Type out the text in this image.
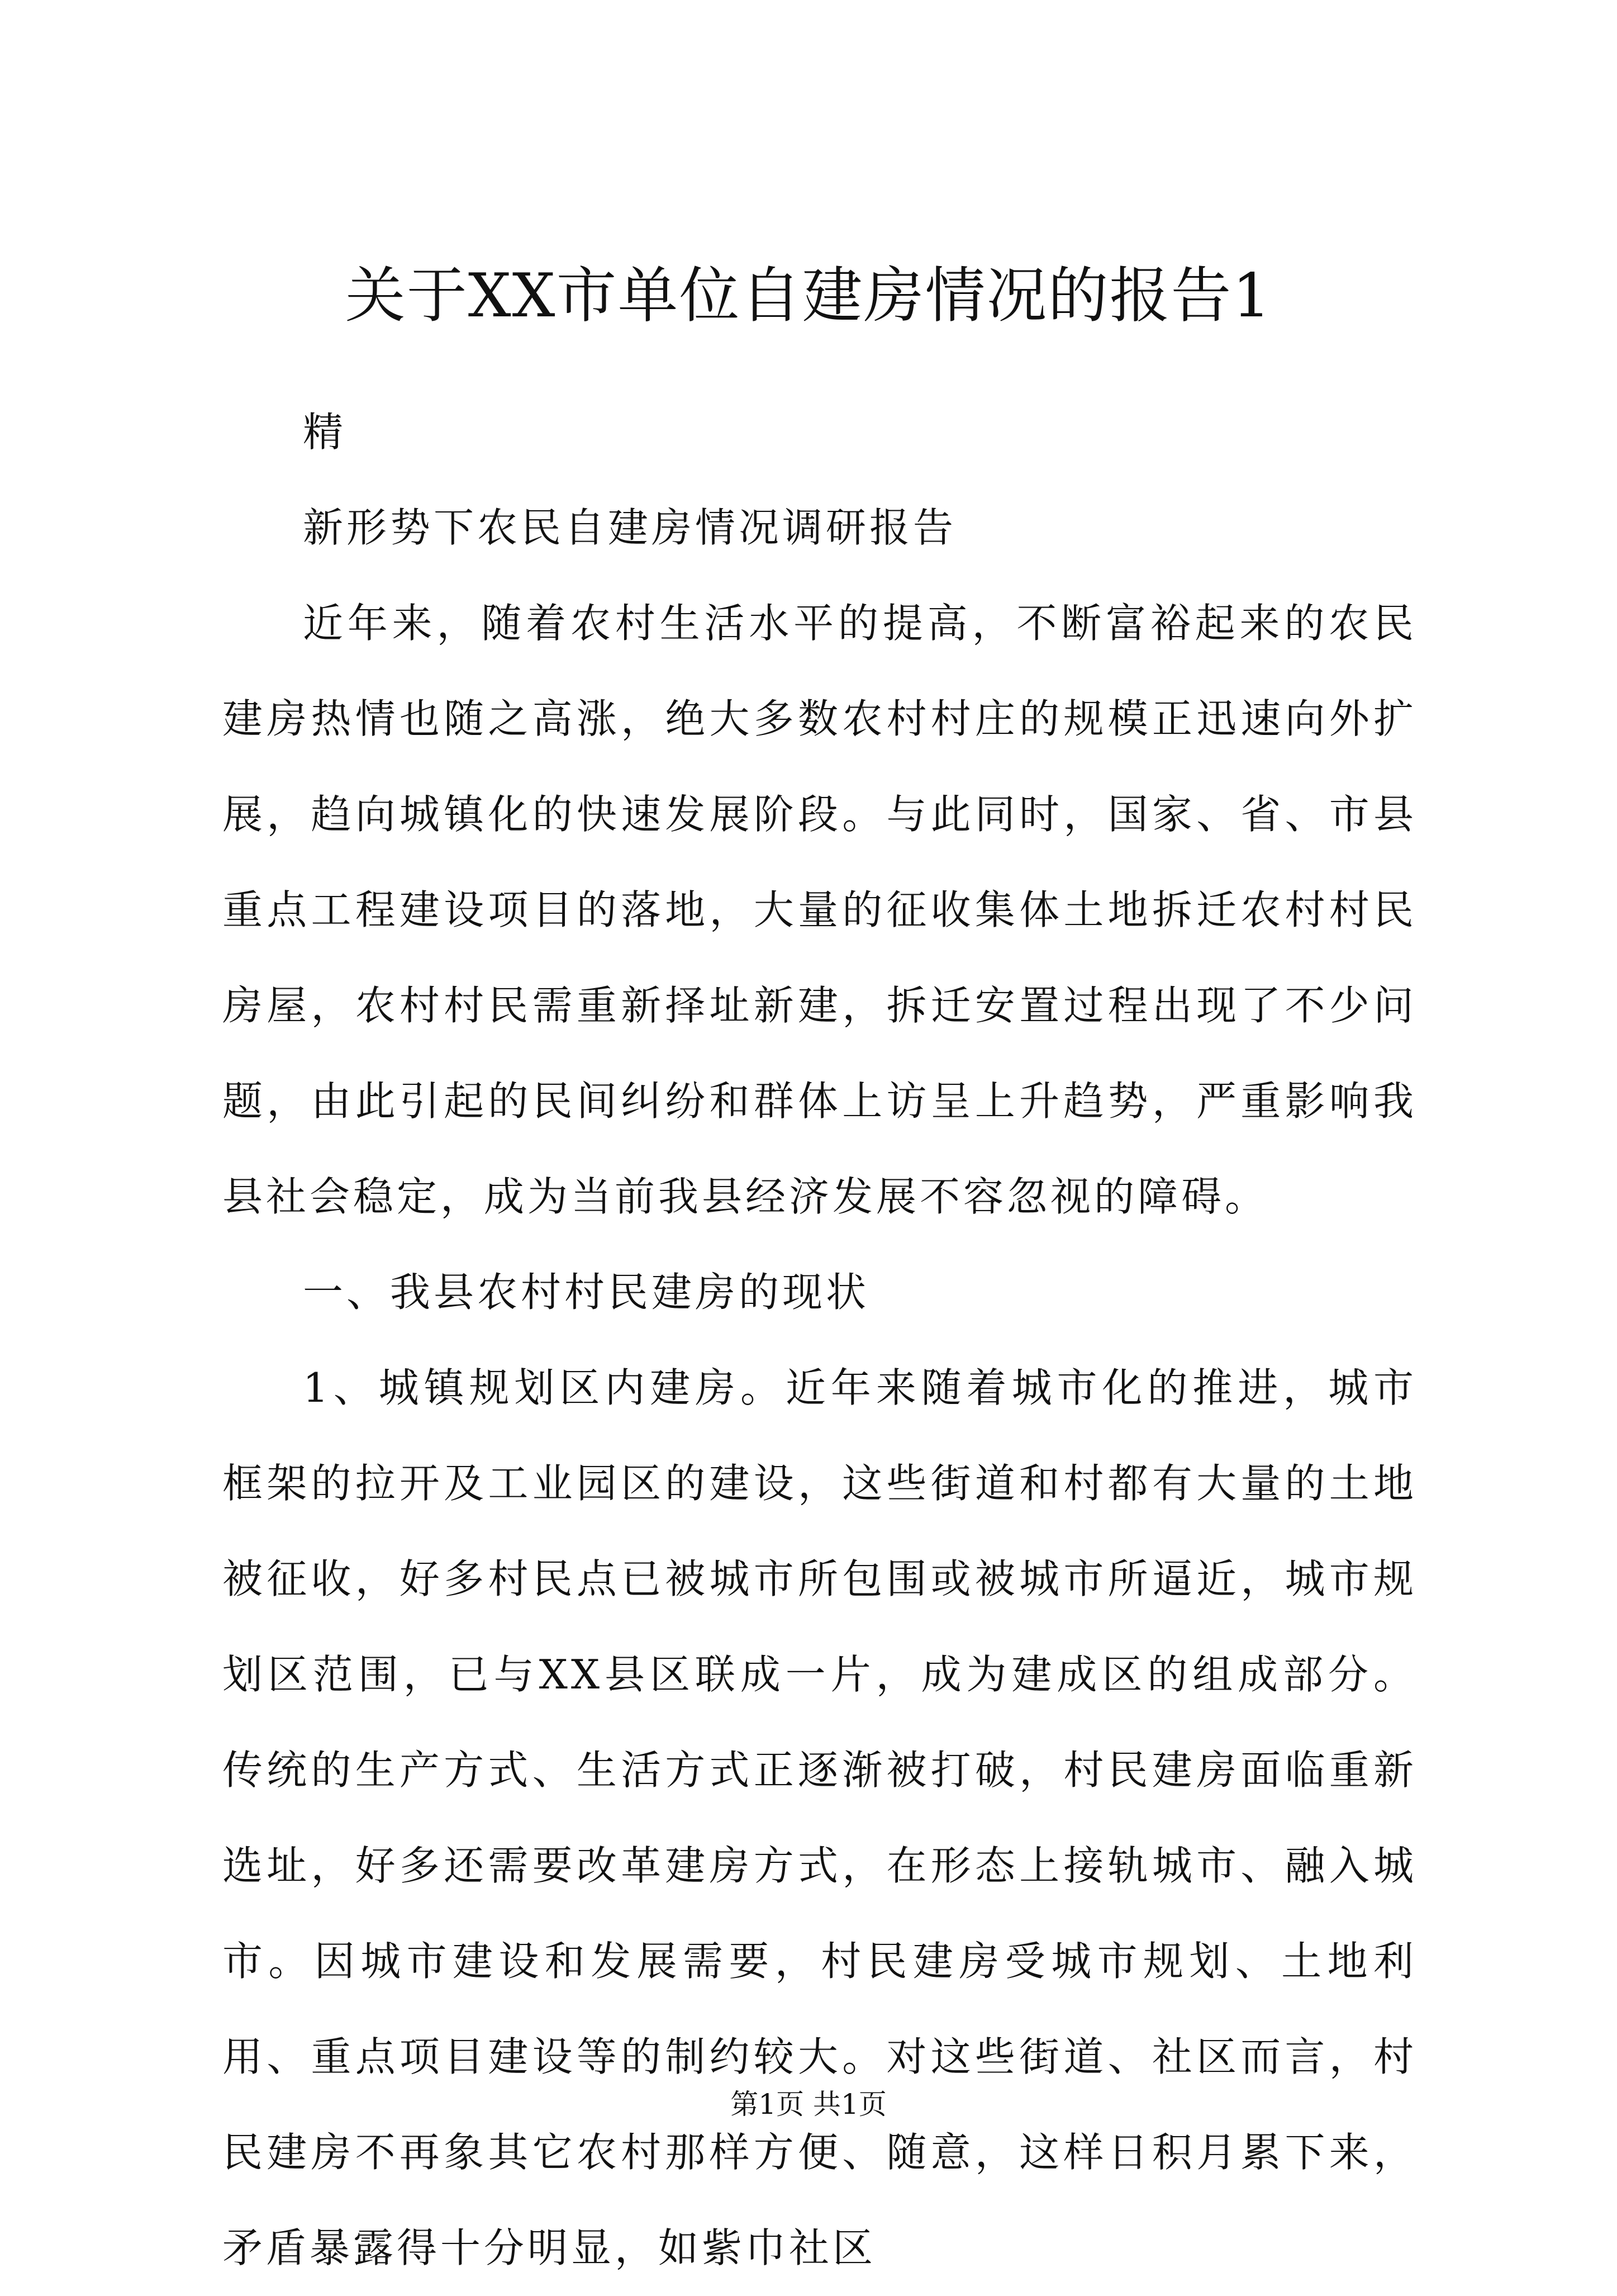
关于XX市单位自建房情况的报告1

精

新形势下农民自建房情况调研报告

近年来，随着农村生活水平的提高，不断富裕起来的农民建房热情也随之高涨，绝大多数农村村庄的规模正迅速向外扩展，趋向城镇化的快速发展阶段。与此同时，国家、省、市县重点工程建设项目的落地，大量的征收集体土地拆迁农村村民房屋，农村村民需重新择址新建，拆迁安置过程出现了不少问题，由此引起的民间纠纷和群体上访呈上升趋势，严重影响我县社会稳定，成为当前我县经济发展不容忽视的障碍。

一、我县农村村民建房的现状

1、城镇规划区内建房。近年来随着城市化的推进，城市框架的拉开及工业园区的建设，这些街道和村都有大量的土地被征收，好多村民点已被城市所包围或被城市所逼近，城市规划区范围，已与XX县区联成一片，成为建成区的组成部分。传统的生产方式、生活方式正逐渐被打破，村民建房面临重新选址，好多还需要改革建房方式，在形态上接轨城市、融入城市。因城市建设和发展需要，村民建房受城市规划、土地利用、重点项目建设等的制约较大。对这些街道、社区而言，村民建房不再象其它农村那样方便、随意，这样日积月累下来，矛盾暴露得十分明显，如紫巾社区

第1页 共1页
